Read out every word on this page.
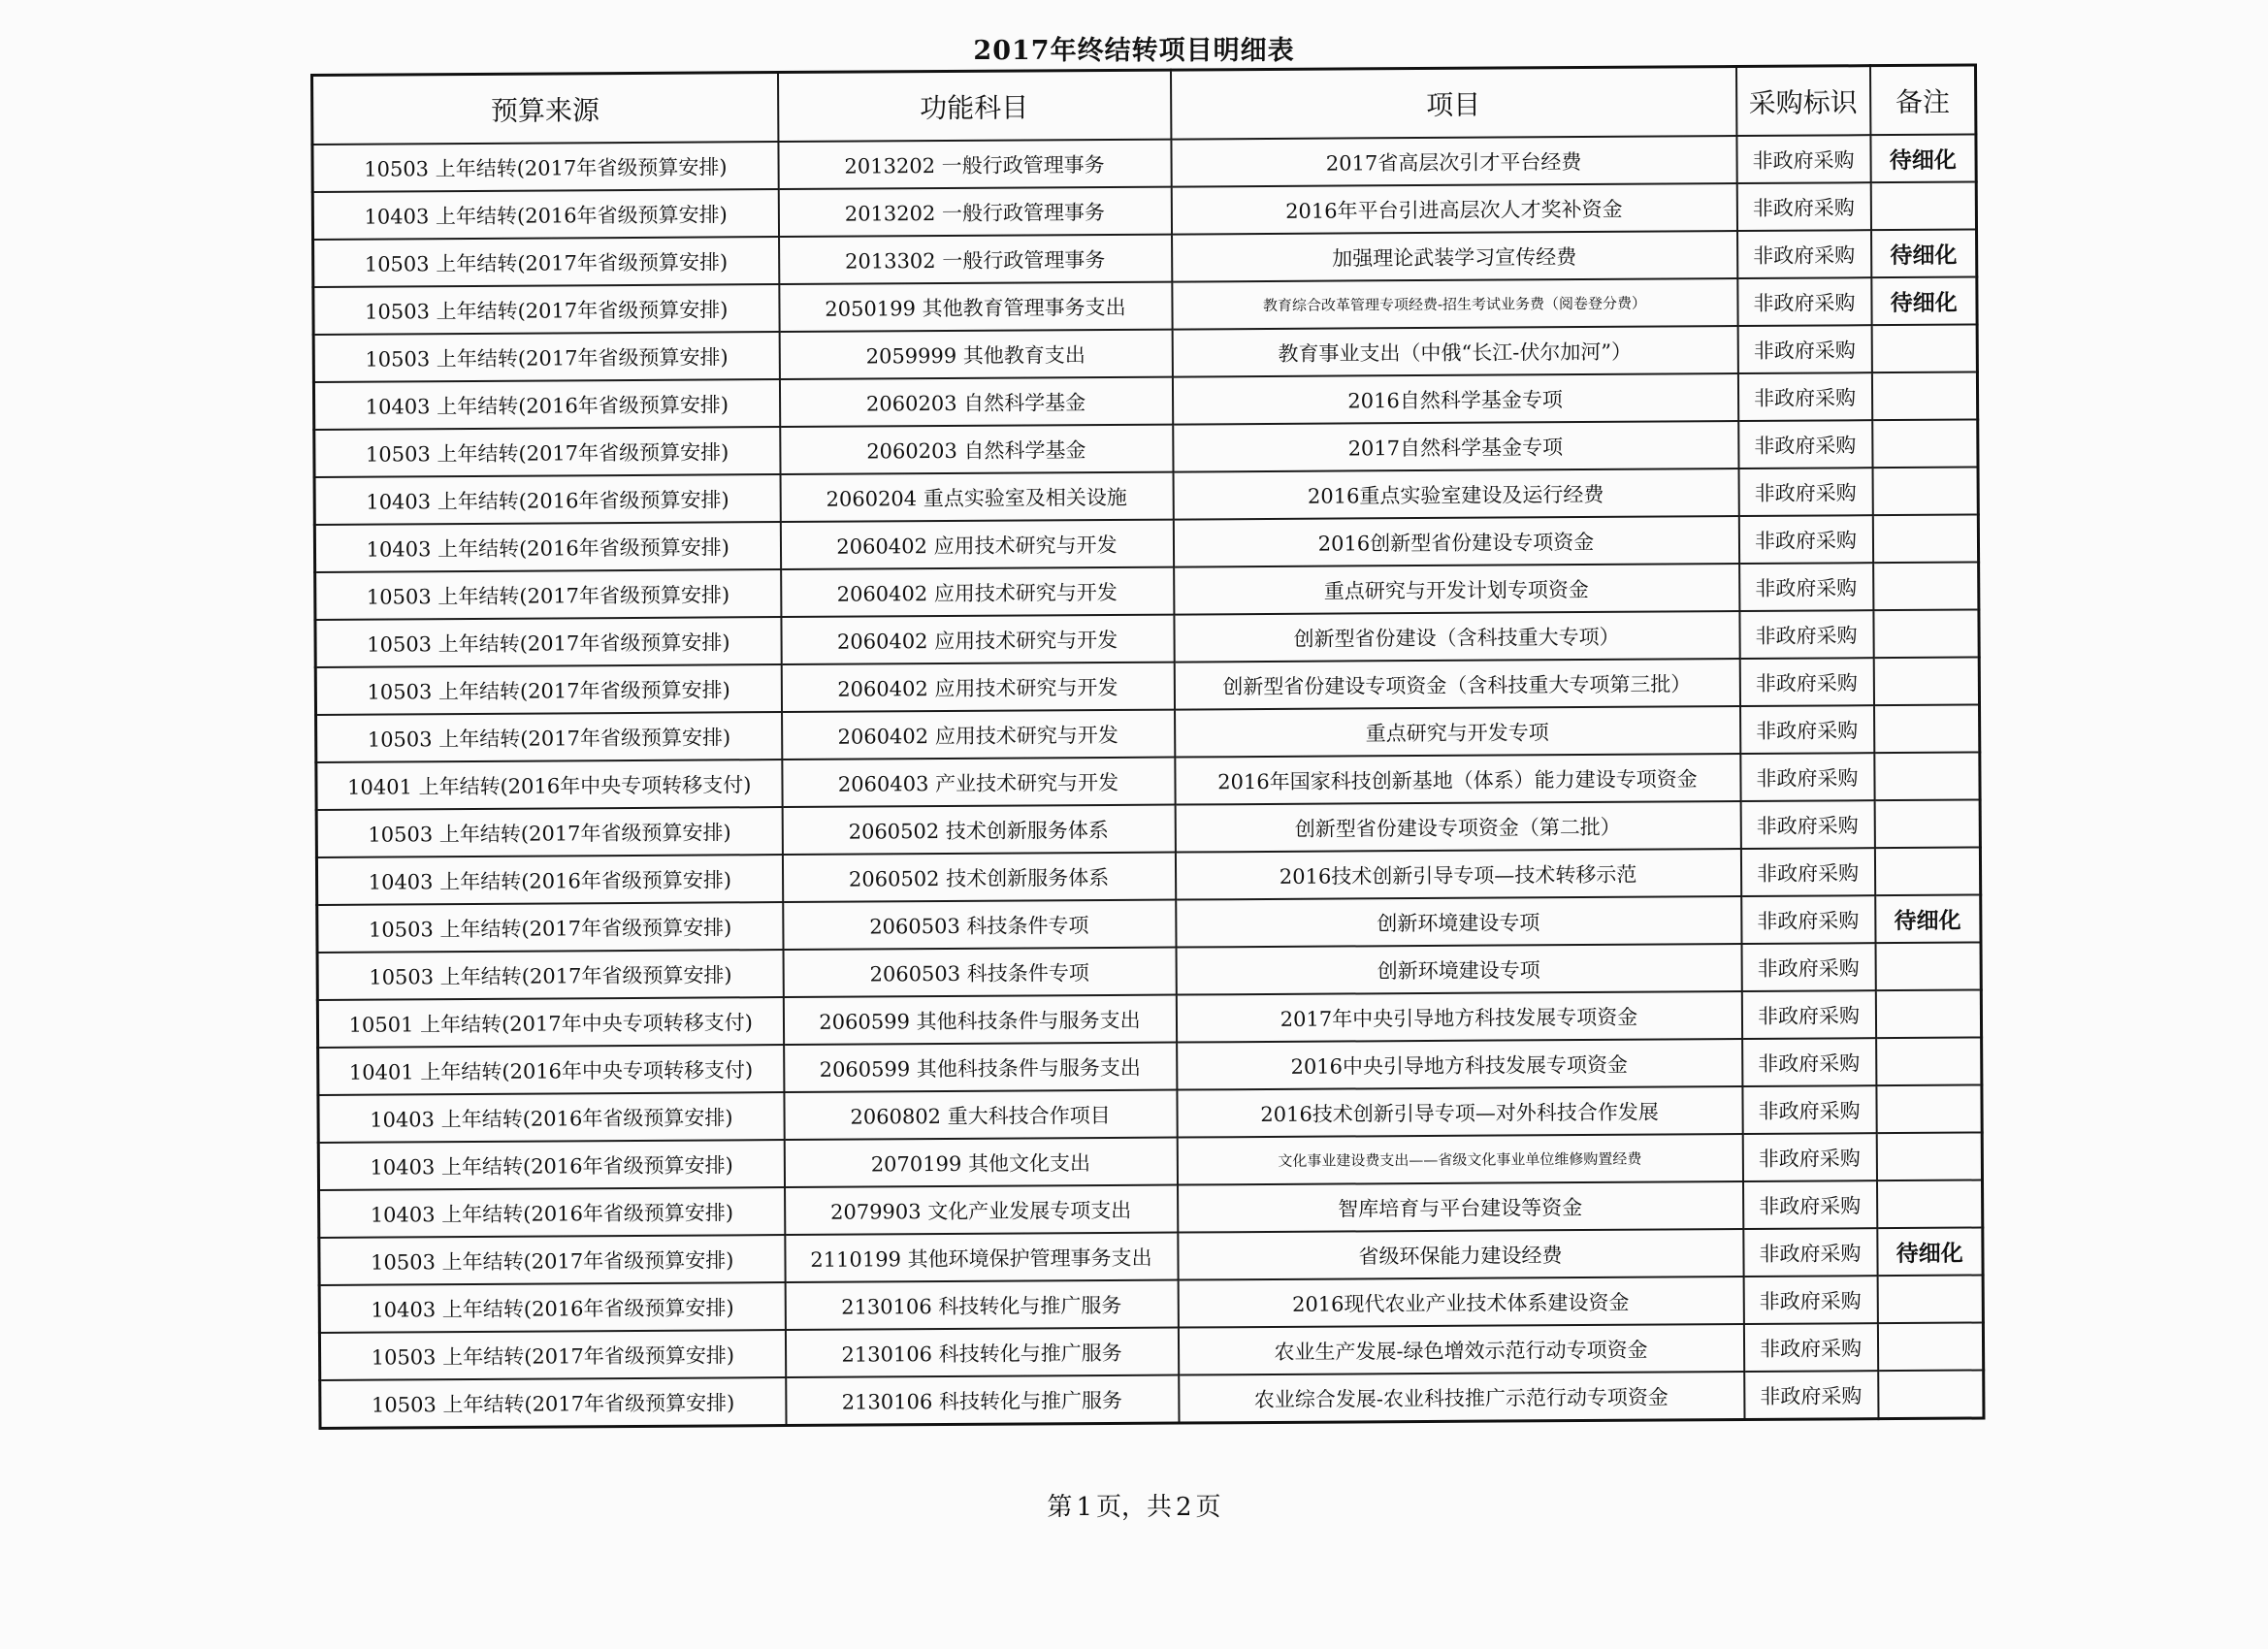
2017年终结转项目明细表
预算来源	功能科目	项目	采购标识	备注
10503 上年结转(2017年省级预算安排)	2013202 一般行政管理事务	2017省高层次引才平台经费	非政府采购	待细化
10403 上年结转(2016年省级预算安排)	2013202 一般行政管理事务	2016年平台引进高层次人才奖补资金	非政府采购	
10503 上年结转(2017年省级预算安排)	2013302 一般行政管理事务	加强理论武装学习宣传经费	非政府采购	待细化
10503 上年结转(2017年省级预算安排)	2050199 其他教育管理事务支出	教育综合改革管理专项经费-招生考试业务费（阅卷登分费）	非政府采购	待细化
10503 上年结转(2017年省级预算安排)	2059999 其他教育支出	教育事业支出（中俄“长江-伏尔加河”）	非政府采购	
10403 上年结转(2016年省级预算安排)	2060203 自然科学基金	2016自然科学基金专项	非政府采购	
10503 上年结转(2017年省级预算安排)	2060203 自然科学基金	2017自然科学基金专项	非政府采购	
10403 上年结转(2016年省级预算安排)	2060204 重点实验室及相关设施	2016重点实验室建设及运行经费	非政府采购	
10403 上年结转(2016年省级预算安排)	2060402 应用技术研究与开发	2016创新型省份建设专项资金	非政府采购	
10503 上年结转(2017年省级预算安排)	2060402 应用技术研究与开发	重点研究与开发计划专项资金	非政府采购	
10503 上年结转(2017年省级预算安排)	2060402 应用技术研究与开发	创新型省份建设（含科技重大专项）	非政府采购	
10503 上年结转(2017年省级预算安排)	2060402 应用技术研究与开发	创新型省份建设专项资金（含科技重大专项第三批）	非政府采购	
10503 上年结转(2017年省级预算安排)	2060402 应用技术研究与开发	重点研究与开发专项	非政府采购	
10401 上年结转(2016年中央专项转移支付)	2060403 产业技术研究与开发	2016年国家科技创新基地（体系）能力建设专项资金	非政府采购	
10503 上年结转(2017年省级预算安排)	2060502 技术创新服务体系	创新型省份建设专项资金（第二批）	非政府采购	
10403 上年结转(2016年省级预算安排)	2060502 技术创新服务体系	2016技术创新引导专项—技术转移示范	非政府采购	
10503 上年结转(2017年省级预算安排)	2060503 科技条件专项	创新环境建设专项	非政府采购	待细化
10503 上年结转(2017年省级预算安排)	2060503 科技条件专项	创新环境建设专项	非政府采购	
10501 上年结转(2017年中央专项转移支付)	2060599 其他科技条件与服务支出	2017年中央引导地方科技发展专项资金	非政府采购	
10401 上年结转(2016年中央专项转移支付)	2060599 其他科技条件与服务支出	2016中央引导地方科技发展专项资金	非政府采购	
10403 上年结转(2016年省级预算安排)	2060802 重大科技合作项目	2016技术创新引导专项—对外科技合作发展	非政府采购	
10403 上年结转(2016年省级预算安排)	2070199 其他文化支出	文化事业建设费支出——省级文化事业单位维修购置经费	非政府采购	
10403 上年结转(2016年省级预算安排)	2079903 文化产业发展专项支出	智库培育与平台建设等资金	非政府采购	
10503 上年结转(2017年省级预算安排)	2110199 其他环境保护管理事务支出	省级环保能力建设经费	非政府采购	待细化
10403 上年结转(2016年省级预算安排)	2130106 科技转化与推广服务	2016现代农业产业技术体系建设资金	非政府采购	
10503 上年结转(2017年省级预算安排)	2130106 科技转化与推广服务	农业生产发展-绿色增效示范行动专项资金	非政府采购	
10503 上年结转(2017年省级预算安排)	2130106 科技转化与推广服务	农业综合发展-农业科技推广示范行动专项资金	非政府采购	
第 1 页，共 2 页
